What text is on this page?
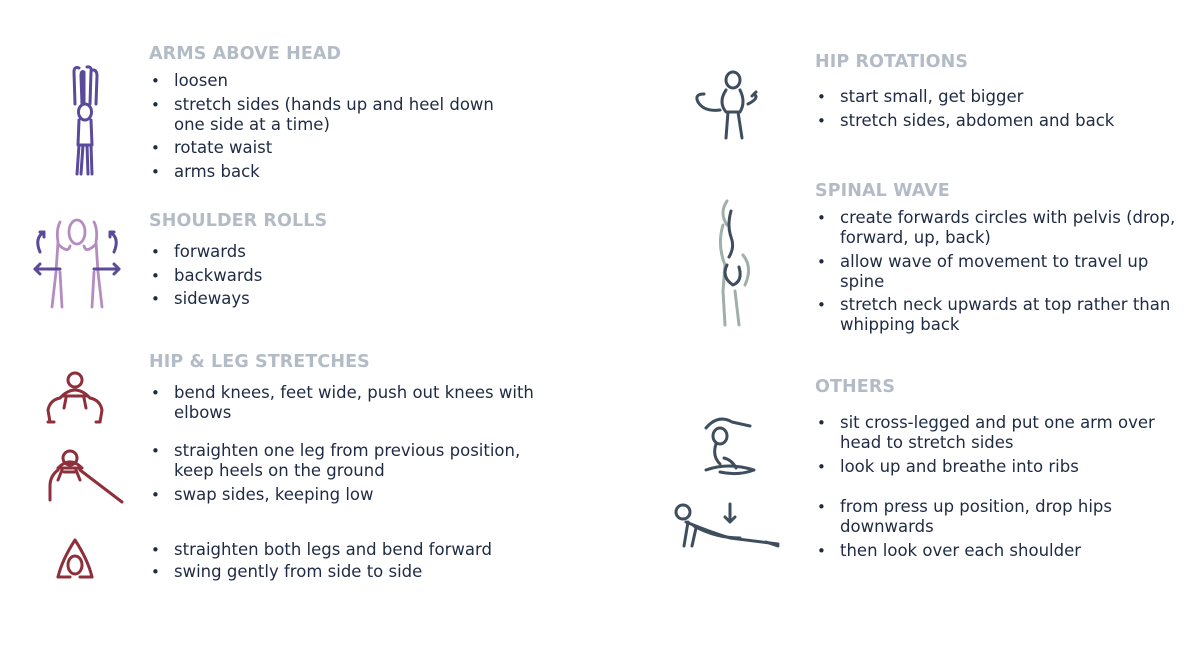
ARMS ABOVE HEAD
• loosen
• stretch sides (hands up and heel down one side at a time)
• rotate waist
• arms back
SHOULDER ROLLS
• forwards
• backwards
• sideways
HIP & LEG STRETCHES
• bend knees, feet wide, push out knees with elbows
• straighten one leg from previous position, keep heels on the ground
• swap sides, keeping low
• straighten both legs and bend forward
• swing gently from side to side
HIP ROTATIONS
• start small, get bigger
• stretch sides, abdomen and back
SPINAL WAVE
• create forwards circles with pelvis (drop, forward, up, back)
• allow wave of movement to travel up spine
• stretch neck upwards at top rather than whipping back
OTHERS
• sit cross-legged and put one arm over head to stretch sides
• look up and breathe into ribs
• from press up position, drop hips downwards
• then look over each shoulder
